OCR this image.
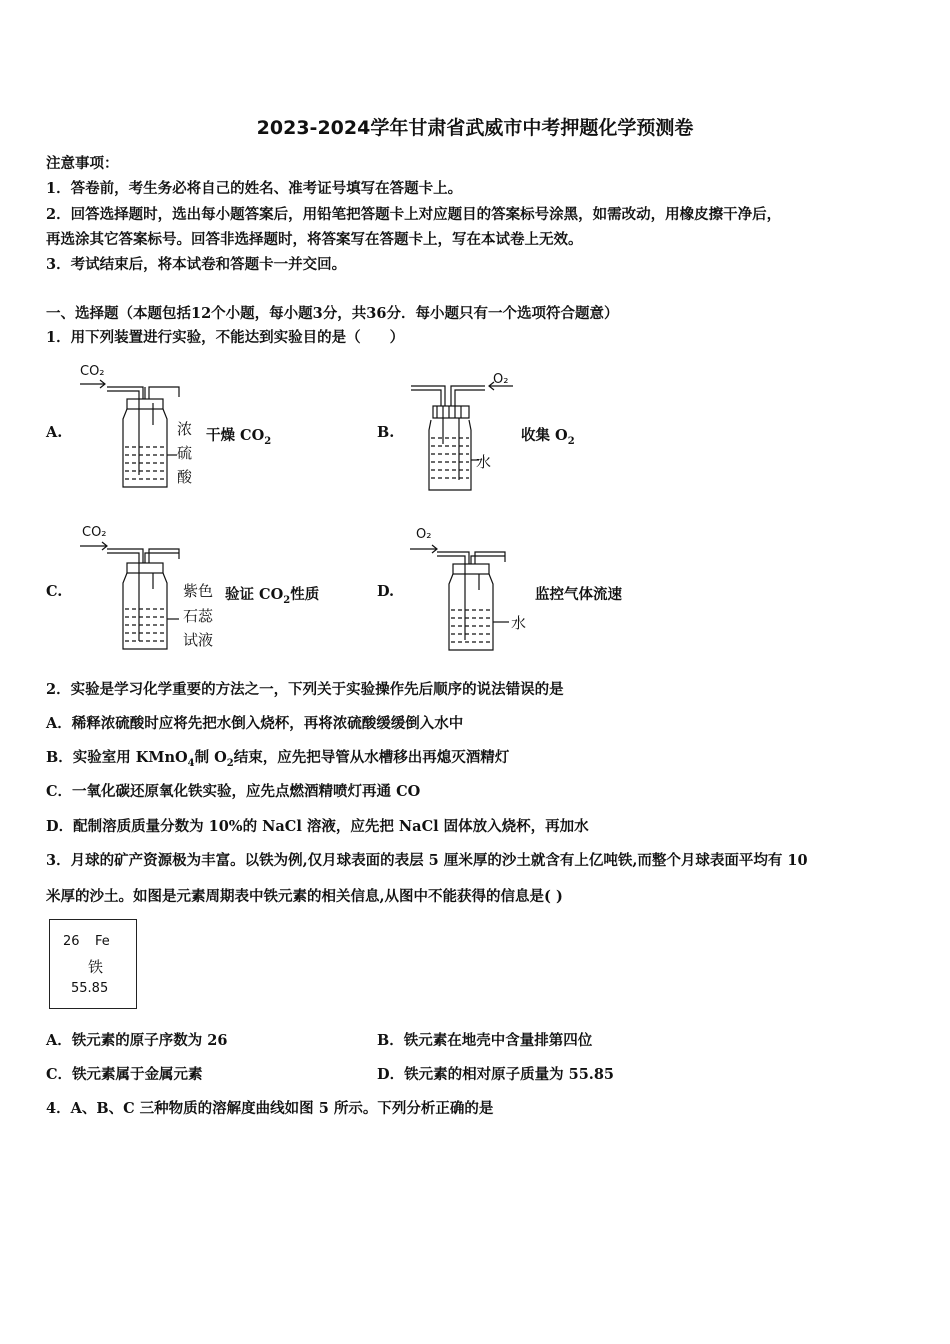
2023-2024学年甘肃省武威市中考押题化学预测卷
注意事项：
1．答卷前，考生务必将自己的姓名、准考证号填写在答题卡上。
2．回答选择题时，选出每小题答案后，用铅笔把答题卡上对应题目的答案标号涂黑，如需改动，用橡皮擦干净后，
再选涂其它答案标号。回答非选择题时，将答案写在答题卡上，写在本试卷上无效。
3．考试结束后，将本试卷和答题卡一并交回。
一、选择题（本题包括12个小题，每小题3分，共36分．每小题只有一个选项符合题意）
1．用下列装置进行实验，不能达到实验目的是（　　）
A.
CO₂
浓
硫
酸
干燥 $CO_2$
B.
O₂
水
收集 $O_2$
C.
CO₂
紫色
石蕊
试液
验证 $CO_2$性质	D.
O₂
水
监控气体流速
2．实验是学习化学重要的方法之一，下列关于实验操作先后顺序的说法错误的是
A．稀释浓硫酸时应将先把水倒入烧杯，再将浓硫酸缓缓倒入水中
B．实验室用 KMnO$_4$制 $O_2$结束，应先把导管从水槽移出再熄灭酒精灯
C．一氧化碳还原氧化铁实验，应先点燃酒精喷灯再通 CO
D．配制溶质质量分数为 10%的 NaCl 溶液，应先把 NaCl 固体放入烧杯，再加水
3．月球的矿产资源极为丰富。以铁为例,仅月球表面的表层 5 厘米厚的沙土就含有上亿吨铁,而整个月球表面平均有 10
米厚的沙土。如图是元素周期表中铁元素的相关信息,从图中不能获得的信息是( )
26 Fe
铁
55.85
A．铁元素的原子序数为 26	B．铁元素在地壳中含量排第四位
C．铁元素属于金属元素	D．铁元素的相对原子质量为 55.85
4．A、B、C 三种物质的溶解度曲线如图 5 所示。下列分析正确的是
